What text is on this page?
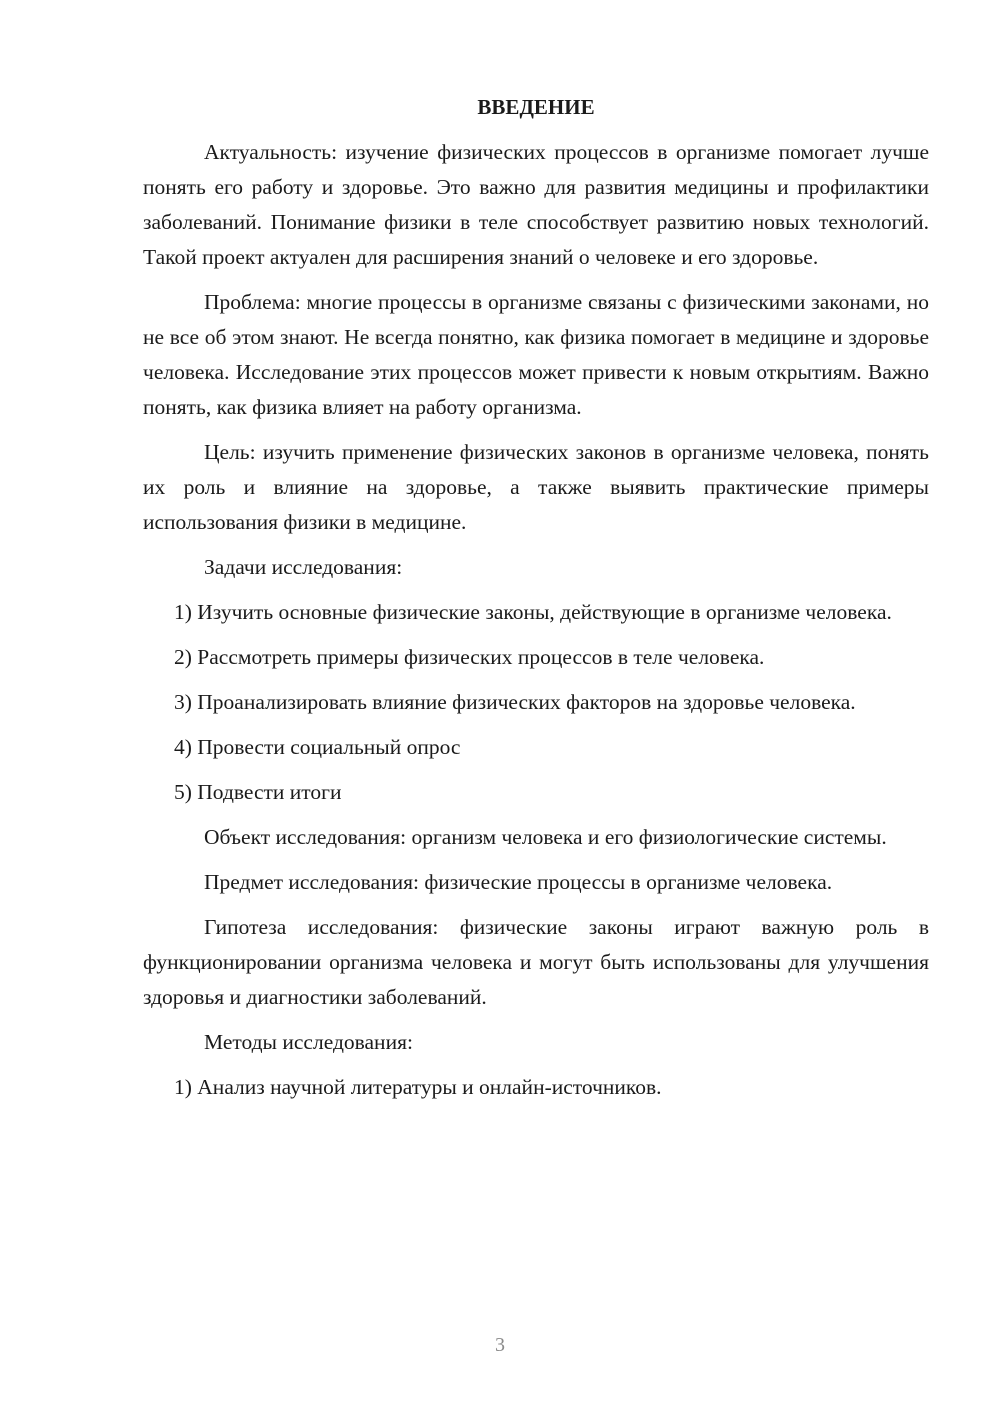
ВВЕДЕНИЕ

Актуальность: изучение физических процессов в организме помогает лучше понять его работу и здоровье. Это важно для развития медицины и профилактики заболеваний. Понимание физики в теле способствует развитию новых технологий. Такой проект актуален для расширения знаний о человеке и его здоровье.

Проблема: многие процессы в организме связаны с физическими законами, но не все об этом знают. Не всегда понятно, как физика помогает в медицине и здоровье человека. Исследование этих процессов может привести к новым открытиям. Важно понять, как физика влияет на работу организма.

Цель: изучить применение физических законов в организме человека, понять их роль и влияние на здоровье, а также выявить практические примеры использования физики в медицине.

Задачи исследования:

1) Изучить основные физические законы, действующие в организме человека.

2) Рассмотреть примеры физических процессов в теле человека.

3) Проанализировать влияние физических факторов на здоровье человека.

4) Провести социальный опрос

5) Подвести итоги

Объект исследования: организм человека и его физиологические системы.

Предмет исследования: физические процессы в организме человека.

Гипотеза исследования: физические законы играют важную роль в функционировании организма человека и могут быть использованы для улучшения здоровья и диагностики заболеваний.

Методы исследования:

1) Анализ научной литературы и онлайн-источников.

3
